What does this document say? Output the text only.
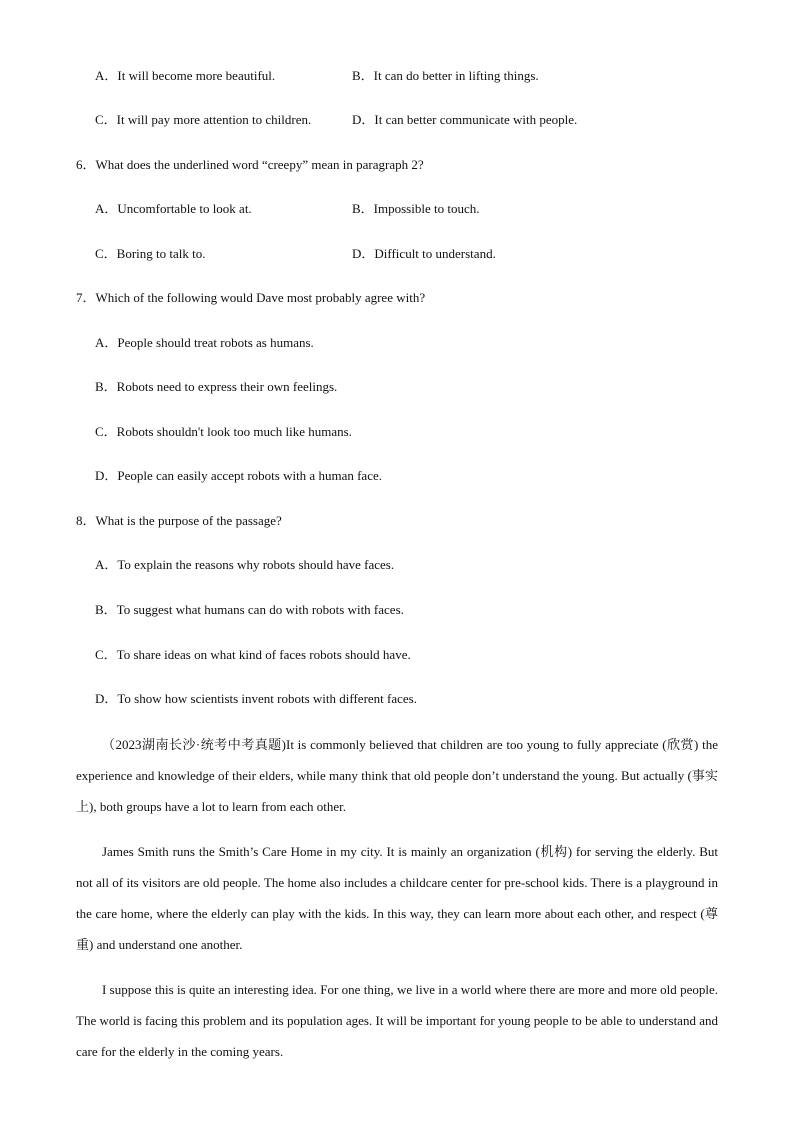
A．It will become more beautiful.	B．It can do better in lifting things.
C．It will pay more attention to children.	D．It can better communicate with people.
6．What does the underlined word “creepy” mean in paragraph 2?
A．Uncomfortable to look at.	B．Impossible to touch.
C．Boring to talk to.	D．Difficult to understand.
7．Which of the following would Dave most probably agree with?
A．People should treat robots as humans.
B．Robots need to express their own feelings.
C．Robots shouldn't look too much like humans.
D．People can easily accept robots with a human face.
8．What is the purpose of the passage?
A．To explain the reasons why robots should have faces.
B．To suggest what humans can do with robots with faces.
C．To share ideas on what kind of faces robots should have.
D．To show how scientists invent robots with different faces.
（2023湖南长沙·统考中考真题)It is commonly believed that children are too young to fully appreciate (欣赏) the experience and knowledge of their elders, while many think that old people don’t understand the young. But actually (事实上), both groups have a lot to learn from each other.
James Smith runs the Smith’s Care Home in my city. It is mainly an organization (机构) for serving the elderly. But not all of its visitors are old people. The home also includes a childcare center for pre-school kids. There is a playground in the care home, where the elderly can play with the kids. In this way, they can learn more about each other, and respect (尊重) and understand one another.
I suppose this is quite an interesting idea. For one thing, we live in a world where there are more and more old people. The world is facing this problem and its population ages. It will be important for young people to be able to understand and care for the elderly in the coming years.
